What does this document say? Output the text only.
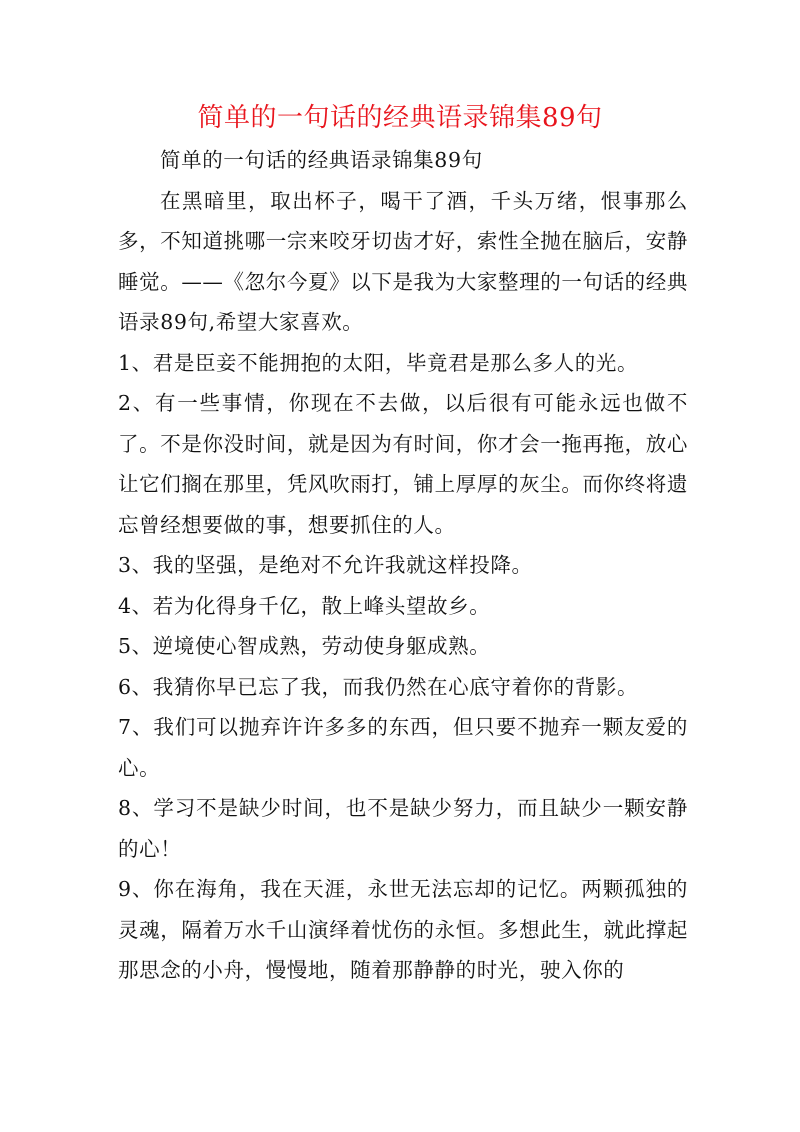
简单的一句话的经典语录锦集89句

简单的一句话的经典语录锦集89句

在黑暗里，取出杯子，喝干了酒，千头万绪，恨事那么多，不知道挑哪一宗来咬牙切齿才好，索性全抛在脑后，安静睡觉。——《忽尔今夏》以下是我为大家整理的一句话的经典语录89句,希望大家喜欢。

1、君是臣妾不能拥抱的太阳，毕竟君是那么多人的光。

2、有一些事情，你现在不去做，以后很有可能永远也做不了。不是你没时间，就是因为有时间，你才会一拖再拖，放心让它们搁在那里，凭风吹雨打，铺上厚厚的灰尘。而你终将遗忘曾经想要做的事，想要抓住的人。

3、我的坚强，是绝对不允许我就这样投降。

4、若为化得身千亿，散上峰头望故乡。

5、逆境使心智成熟，劳动使身躯成熟。

6、我猜你早已忘了我，而我仍然在心底守着你的背影。

7、我们可以抛弃许许多多的东西，但只要不抛弃一颗友爱的心。

8、学习不是缺少时间，也不是缺少努力，而且缺少一颗安静的心！

9、你在海角，我在天涯，永世无法忘却的记忆。两颗孤独的灵魂，隔着万水千山演绎着忧伤的永恒。多想此生，就此撑起那思念的小舟，慢慢地，随着那静静的时光，驶入你的
